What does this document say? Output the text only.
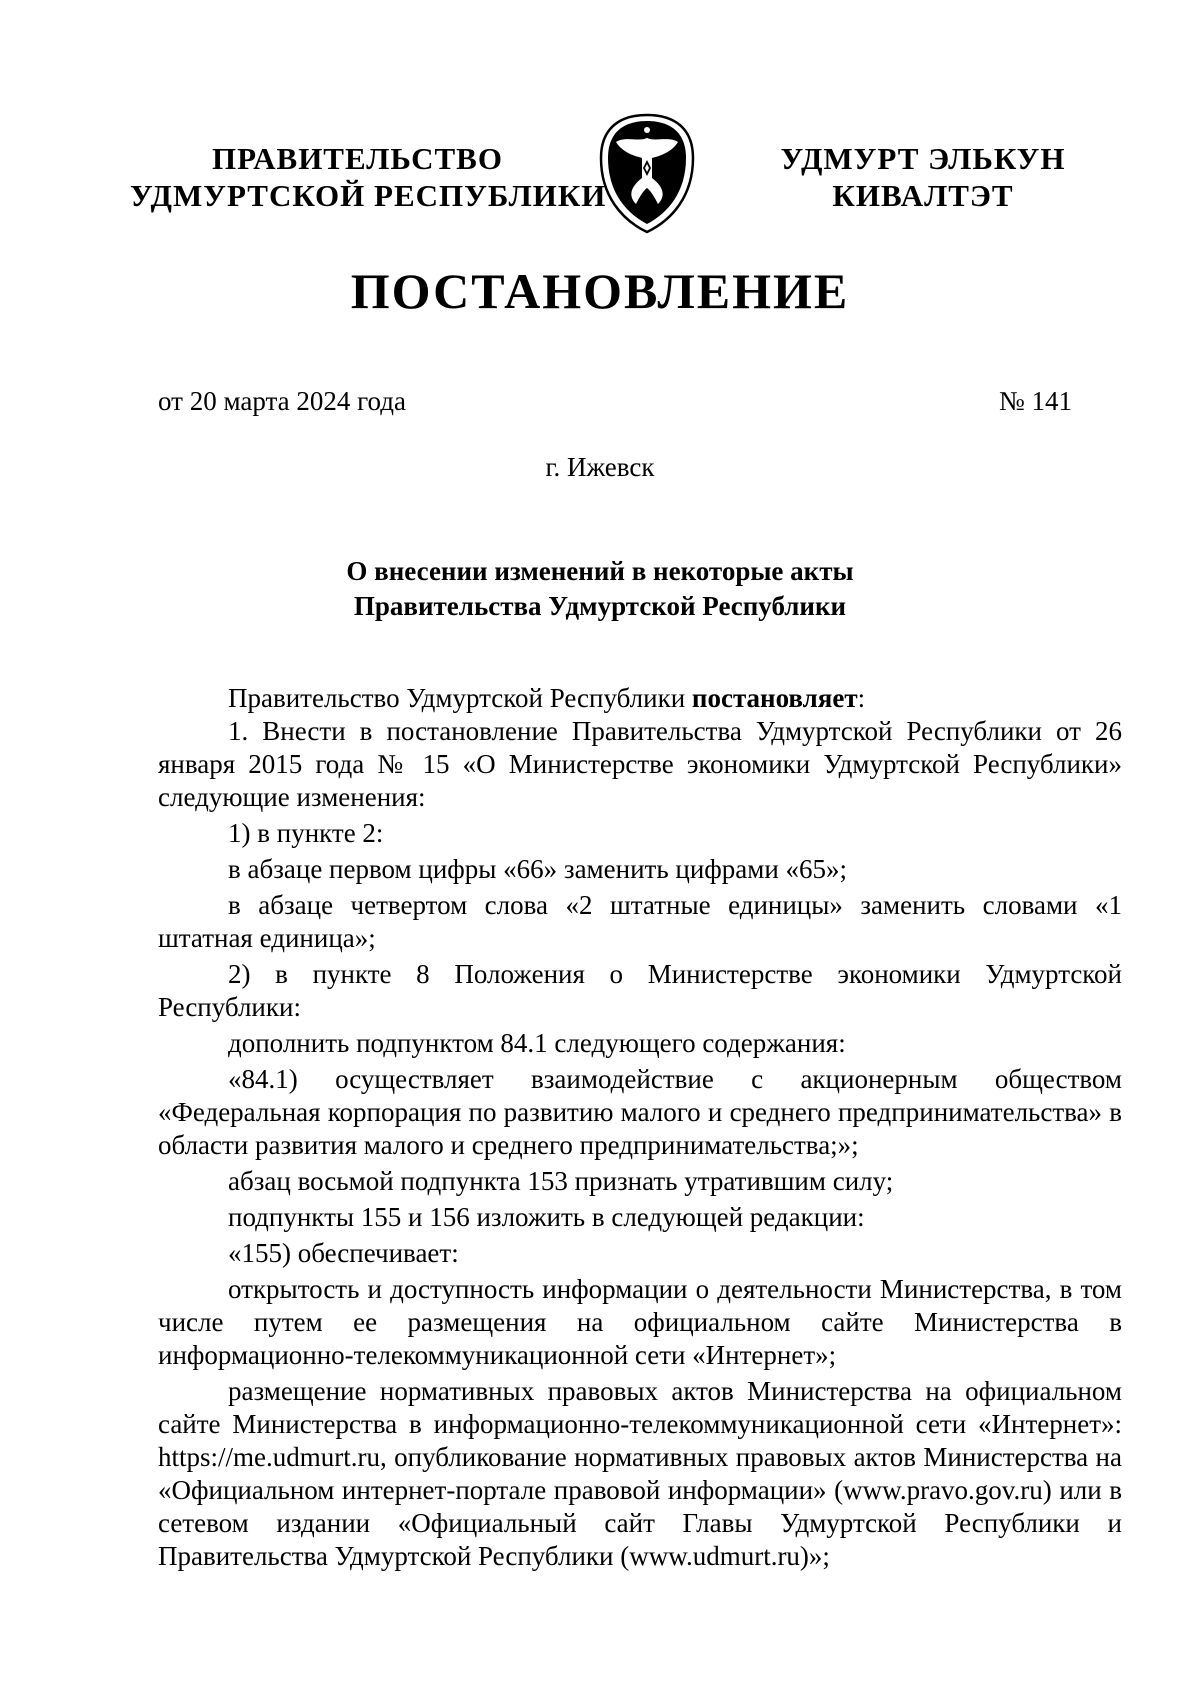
ПРАВИТЕЛЬСТВО
УДМУРТСКОЙ РЕСПУБЛИКИ
УДМУРТ ЭЛЬКУН
КИВАЛТЭТ
ПОСТАНОВЛЕНИЕ
от 20 марта 2024 года	№ 141
г. Ижевск
О внесении изменений в некоторые акты
Правительства Удмуртской Республики

Правительство Удмуртской Республики постановляет:

1. Внести в постановление Правительства Удмуртской Республики от 26 января 2015 года № 15 «О Министерстве экономики Удмуртской Республики» следующие изменения:

1) в пункте 2:

в абзаце первом цифры «66» заменить цифрами «65»;

в абзаце четвертом слова «2 штатные единицы» заменить словами «1 штатная единица»;

2) в пункте 8 Положения о Министерстве экономики Удмуртской Республики:

дополнить подпунктом 84.1 следующего содержания:

«84.1) осуществляет взаимодействие с акционерным обществом «Федеральная корпорация по развитию малого и среднего предпринимательства» в области развития малого и среднего предпринимательства;»;

абзац восьмой подпункта 153 признать утратившим силу;

подпункты 155 и 156 изложить в следующей редакции:

«155) обеспечивает:

открытость и доступность информации о деятельности Министерства, в том числе путем ее размещения на официальном сайте Министерства в информационно-телекоммуникационной сети «Интернет»;

размещение нормативных правовых актов Министерства на официальном сайте Министерства в информационно-телекоммуникационной сети «Интернет»: https://me.udmurt.ru, опубликование нормативных правовых актов Министерства на «Официальном интернет-портале правовой информации» (www.pravo.gov.ru) или в сетевом издании «Официальный сайт Главы Удмуртской Республики и Правительства Удмуртской Республики (www.udmurt.ru)»;
